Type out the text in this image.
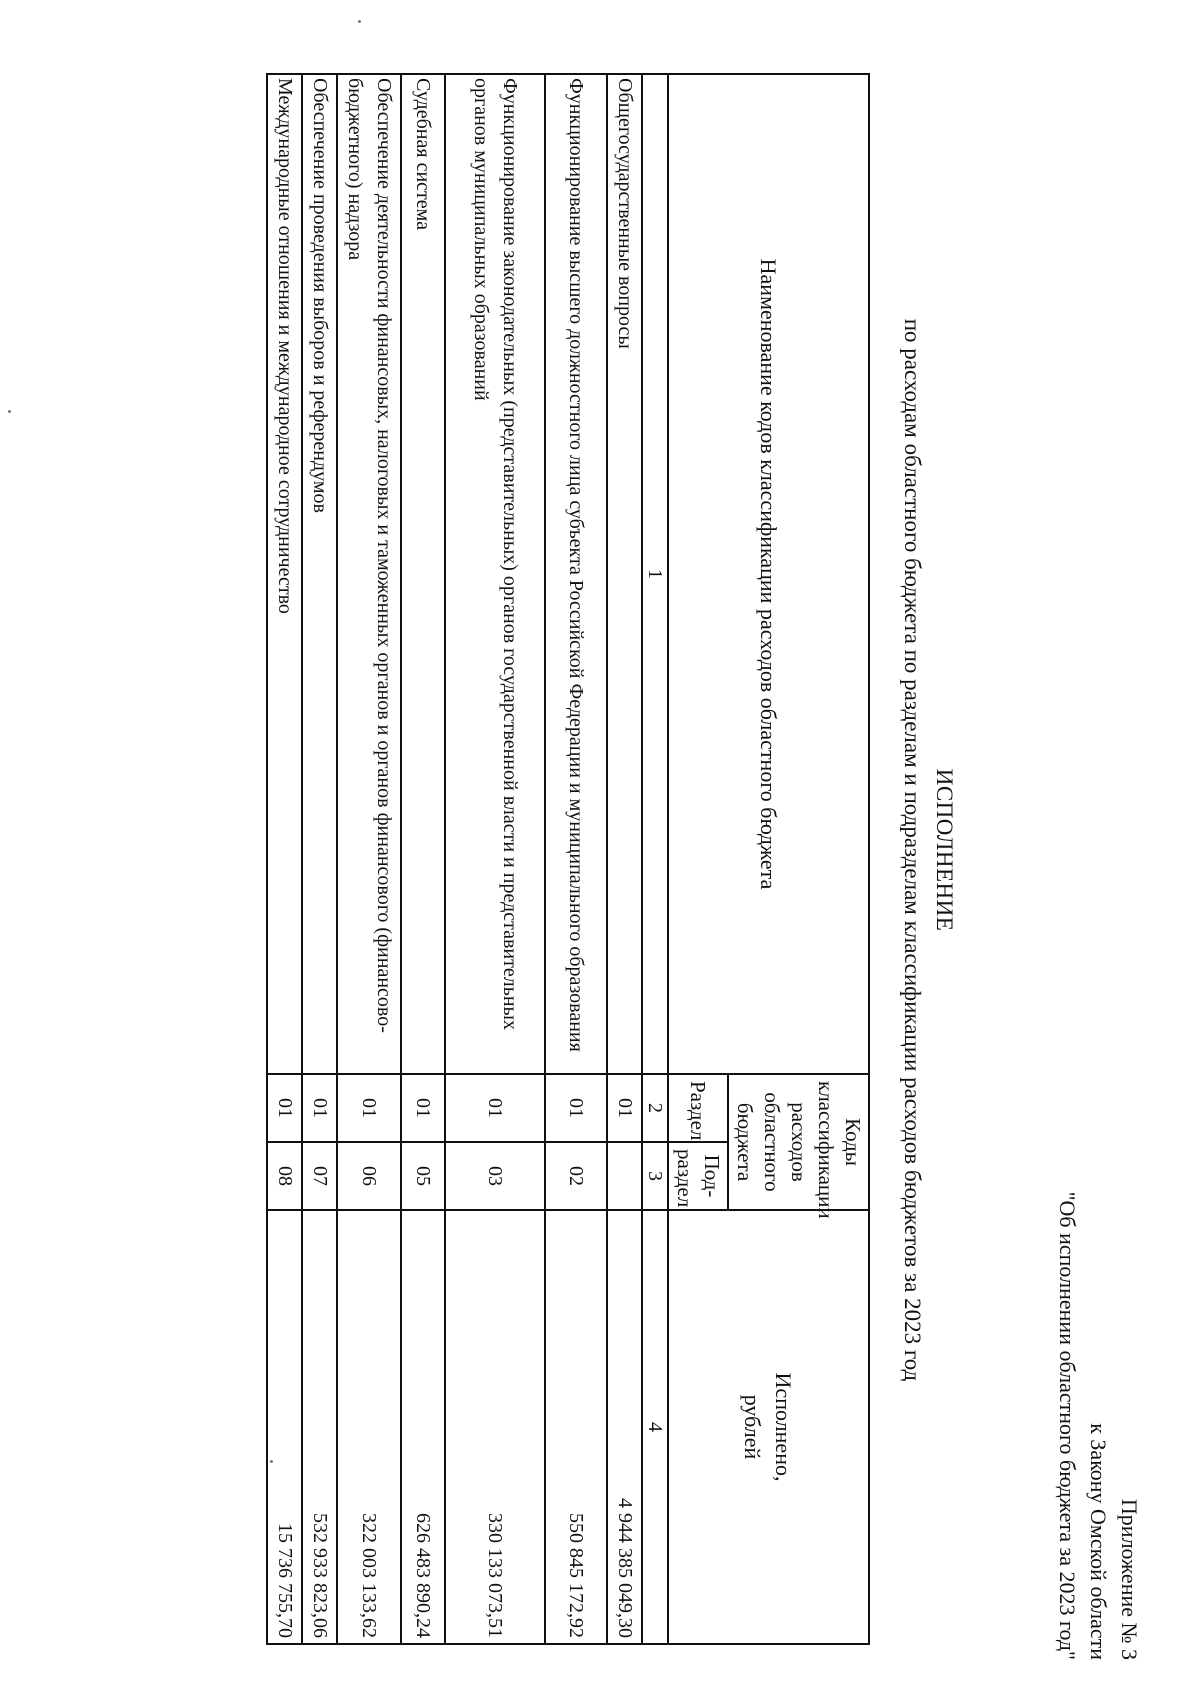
Приложение № 3
к Закону Омской области
"Об исполнении областного бюджета за 2023 год"
ИСПОЛНЕНИЕ
по расходам областного бюджета по разделам и подразделам классификации расходов бюджетов за 2023 год
Наименование кодов классификации расходов областного бюджета	Коды классификации расходов областного бюджета		Исполнено, рублей

	Раздел	Под-раздел	
1	2	3	4
Общегосударственные вопросы	01		4 944 385 049,30
Функционирование высшего должностного лица субъекта Российской Федерации и муниципального образования	01	02	550 845 172,92
Функционирование законодательных (представительных) органов государственной власти и представительных органов муниципальных образований	01	03	330 133 073,51
Судебная система	01	05	626 483 890,24
Обеспечение деятельности финансовых, налоговых и таможенных органов и органов финансового (финансово-бюджетного) надзора	01	06	322 003 133,62
Обеспечение проведения выборов и референдумов	01	07	532 933 823,06
Международные отношения и международное сотрудничество	01	08	15 736 755,70
